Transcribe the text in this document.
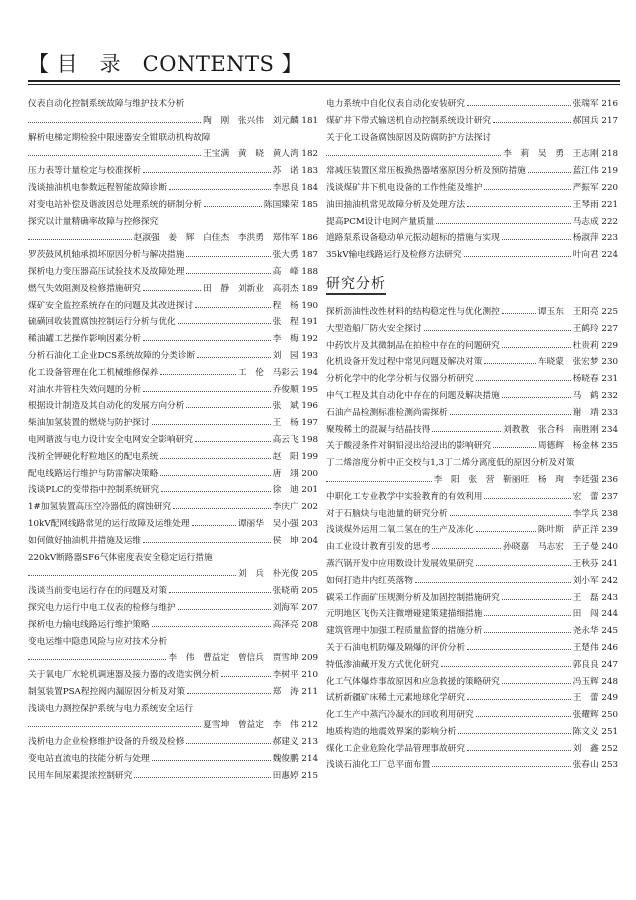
【 目　录　CONTENTS 】
仪表自动化控制系统故障与维护技术分析
陶　刚　张兴伟　刘元麟 181
解析电梯定期检验中限速器安全钳联动机构故障
王宝满　黄　晓　黄人湾 182
压力表等计量检定与校准探析	苏　诺 183
浅谈抽油机电参数远程智能故障诊断	李思良 184
对变电站补偿及谐波因总处理系统的研制分析	陈国臻荣 185
探究以计量精确率故障与控修探究
赵淑强　姜　辉　白佳杰　李洪勇　郑伟军 186
罗茨鼓风机轴承损坏原因分析与解决措施	张大勇 187
探析电力变压器高压试验技术及故障处理	高　峰 188
燃气失效阻测及检修措施研究	田　静　刘新业　高羽杰 189
煤矿安全监控系统存在的问题及其改进探讨	程　杨 190
硫磺回收装置腐蚀控制运行分析与优化	张　程 191
稀油罐工艺操作影响因素分析	李　梅 192
分析石油化工企业DCS系统故障的分类诊断	刘　园 193
化工设备管理在化工机械维修保养	工　伦　马彩云 194
对油水井管柱失效问题的分析	乔俊顺 195
根据设计制造及其自动化的发展方向分析	张　斌 196
柴油加氢装置的燃烧与防护探讨	王　杨 197
电网谐波与电力设计安全电网安全影响研究	高云飞 198
浅析全钾硬化籽粒地区的配电系统	赵　阳 199
配电线路运行维护与防雷解决策略	唐　翊 200
浅谈PLC的变带指中控制系统研究	徐　迪 201
1#加氢装置高压空冷器低的腐蚀研究	李庆广 202
10kV配网线路常见的运行故障及运维处理	谭丽华　吴小强 203
如何做好抽油机井措施及运维	侯　坤 204
220kV断路器SF6气体密度表安全稳定运行措施
刘　兵　朴光俊 205
浅谈当前变电运行存在的问题及对策	张晓萌 205
探究电力运行中电工仪表的检修与维护	刘海军 207
探析电力输电线路运行维护策略	高泽亮 208
变电运维中隐患风险与应对技术分析
李　伟　曹益定　曾信兵　贾雪坤 209
关于氧电厂水轮机调速器及接力器的改造实例分析	李树平 210
制氢装置PSA程控阀内漏原因分析及对策	郑　涛 211
浅谈电力测控保护系统与电力系统安全运行
夏雪坤　曾益定　李　伟 212
浅析电力企业检修维护设备的升级及检修	郝建义 213
变电站直流电的技能分析与处理	魏俊鹏 214
民用车间尿素提浓控制研究	田惠婷 215
电力系统中自化仪表自动化安装研究	张瑞军 216
煤矿井下带式输送机自动控制系统设计研究	郝国兵 217
关于化工设备腐蚀原因及防腐防护方法探讨
李　莉　吴　勇　王志刚 218
常减压装置区常压板换热器堵塞原因分析及预防措施	蓝江伟 219
浅谈煤矿井下机电设备的工作性能及维护	严振军 220
油田抽油机常见故障分析及处理方法	王琴雨 221
提高PCM设计电网产量质量	马志成 222
道路泵系设备稳动单元振动超标的措施与实现	杨淑萍 223
35kV输电线路运行及检修方法研究	叶向君 224
研究分析
探析沥油性改性材料的结构稳定性与优化测控	谭玉东　王阳亮 225
大型造船厂防火安全探讨	王鹤玲 227
中药饮片及其微制品在拍检中存在的问题研究	杜贵莉 229
化机设备开发过程中常见问题及解决对策	车晓蒙　张宏梦 230
分析化学中的化学分析与仪器分析研究	杨晓春 231
申气工程及其自动化中存在的问题及解决措施	马　鹤 232
石油产品检测标准检测尚需探析	谢　靖 233
聚羧稀土的混凝与结晶技得	刘教教　张合科　南胜刚 234
关于酸浸条件对铜铅浸出给浸出的影响研究	周德辉　杨金林 235
丁二烯溶度分析中正交校与1,3丁二烯分离度低的原因分析及对策
李　阳　张　营　靳丽旺　杨　珣　李廷强 236
中职化工专业教学中实验教育的有效利用	宏　蕾 237
对于石脑炔与电池量的研究分析	李学兵 238
浅谈煤外运用二氧二氢在的生产及冻化	陈叶斯　萨正洋 239
由工业设计教育引发的思考	孙晓嘉　马志宏　王子曼 240
蒸汽锅开发中应用数设计发展效果研究	王秋芬 241
如何打造井内红英落物	刘小军 242
碳采工作面矿压规测分析及加固控制措施研究	王　磊 243
元明地区飞伤关注微增碰建策建描细措施	田　闯 244
建筑管理中加强工程质量监督的措施分析	尧永华 245
关于石油电机防爆及隔爆的评价分析	王楚伟 246
特低渗油藏开发方式优化研究	郭良良 247
化工气体爆炸事故原因和应急救援的策略研究	冯玉辉 248
试析新疆矿床稀土元素地球化学研究	王　蕾 249
化工生产中蒸汽冷凝水的回收利用研究	张耀辉 250
地质构造的地震效界案的影响分析	陈文义 251
煤化工企业危险化学品管理事故研究	刘　鑫 252
浅谈石油化工厂总平面布置	张春山 253
